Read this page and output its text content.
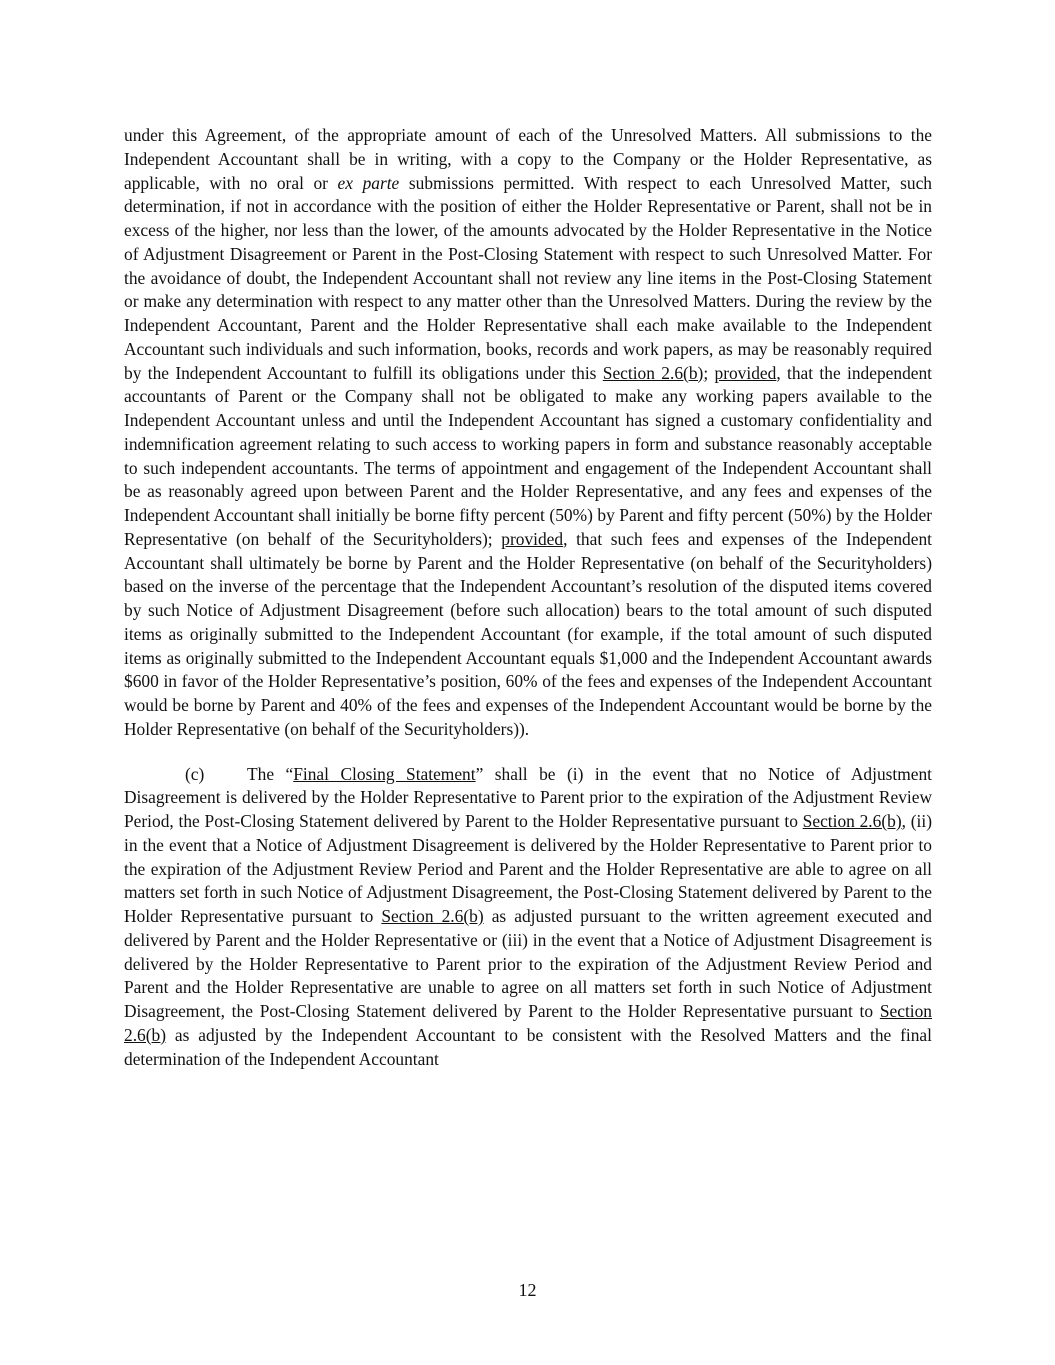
under this Agreement, of the appropriate amount of each of the Unresolved Matters. All submissions to the Independent Accountant shall be in writing, with a copy to the Company or the Holder Representative, as applicable, with no oral or ex parte submissions permitted. With respect to each Unresolved Matter, such determination, if not in accordance with the position of either the Holder Representative or Parent, shall not be in excess of the higher, nor less than the lower, of the amounts advocated by the Holder Representative in the Notice of Adjustment Disagreement or Parent in the Post-Closing Statement with respect to such Unresolved Matter. For the avoidance of doubt, the Independent Accountant shall not review any line items in the Post-Closing Statement or make any determination with respect to any matter other than the Unresolved Matters. During the review by the Independent Accountant, Parent and the Holder Representative shall each make available to the Independent Accountant such individuals and such information, books, records and work papers, as may be reasonably required by the Independent Accountant to fulfill its obligations under this Section 2.6(b); provided, that the independent accountants of Parent or the Company shall not be obligated to make any working papers available to the Independent Accountant unless and until the Independent Accountant has signed a customary confidentiality and indemnification agreement relating to such access to working papers in form and substance reasonably acceptable to such independent accountants. The terms of appointment and engagement of the Independent Accountant shall be as reasonably agreed upon between Parent and the Holder Representative, and any fees and expenses of the Independent Accountant shall initially be borne fifty percent (50%) by Parent and fifty percent (50%) by the Holder Representative (on behalf of the Securityholders); provided, that such fees and expenses of the Independent Accountant shall ultimately be borne by Parent and the Holder Representative (on behalf of the Securityholders) based on the inverse of the percentage that the Independent Accountant’s resolution of the disputed items covered by such Notice of Adjustment Disagreement (before such allocation) bears to the total amount of such disputed items as originally submitted to the Independent Accountant (for example, if the total amount of such disputed items as originally submitted to the Independent Accountant equals $1,000 and the Independent Accountant awards $600 in favor of the Holder Representative’s position, 60% of the fees and expenses of the Independent Accountant would be borne by Parent and 40% of the fees and expenses of the Independent Accountant would be borne by the Holder Representative (on behalf of the Securityholders)).

(c) The “Final Closing Statement” shall be (i) in the event that no Notice of Adjustment Disagreement is delivered by the Holder Representative to Parent prior to the expiration of the Adjustment Review Period, the Post-Closing Statement delivered by Parent to the Holder Representative pursuant to Section 2.6(b), (ii) in the event that a Notice of Adjustment Disagreement is delivered by the Holder Representative to Parent prior to the expiration of the Adjustment Review Period and Parent and the Holder Representative are able to agree on all matters set forth in such Notice of Adjustment Disagreement, the Post-Closing Statement delivered by Parent to the Holder Representative pursuant to Section 2.6(b) as adjusted pursuant to the written agreement executed and delivered by Parent and the Holder Representative or (iii) in the event that a Notice of Adjustment Disagreement is delivered by the Holder Representative to Parent prior to the expiration of the Adjustment Review Period and Parent and the Holder Representative are unable to agree on all matters set forth in such Notice of Adjustment Disagreement, the Post-Closing Statement delivered by Parent to the Holder Representative pursuant to Section 2.6(b) as adjusted by the Independent Accountant to be consistent with the Resolved Matters and the final determination of the Independent Accountant

12
